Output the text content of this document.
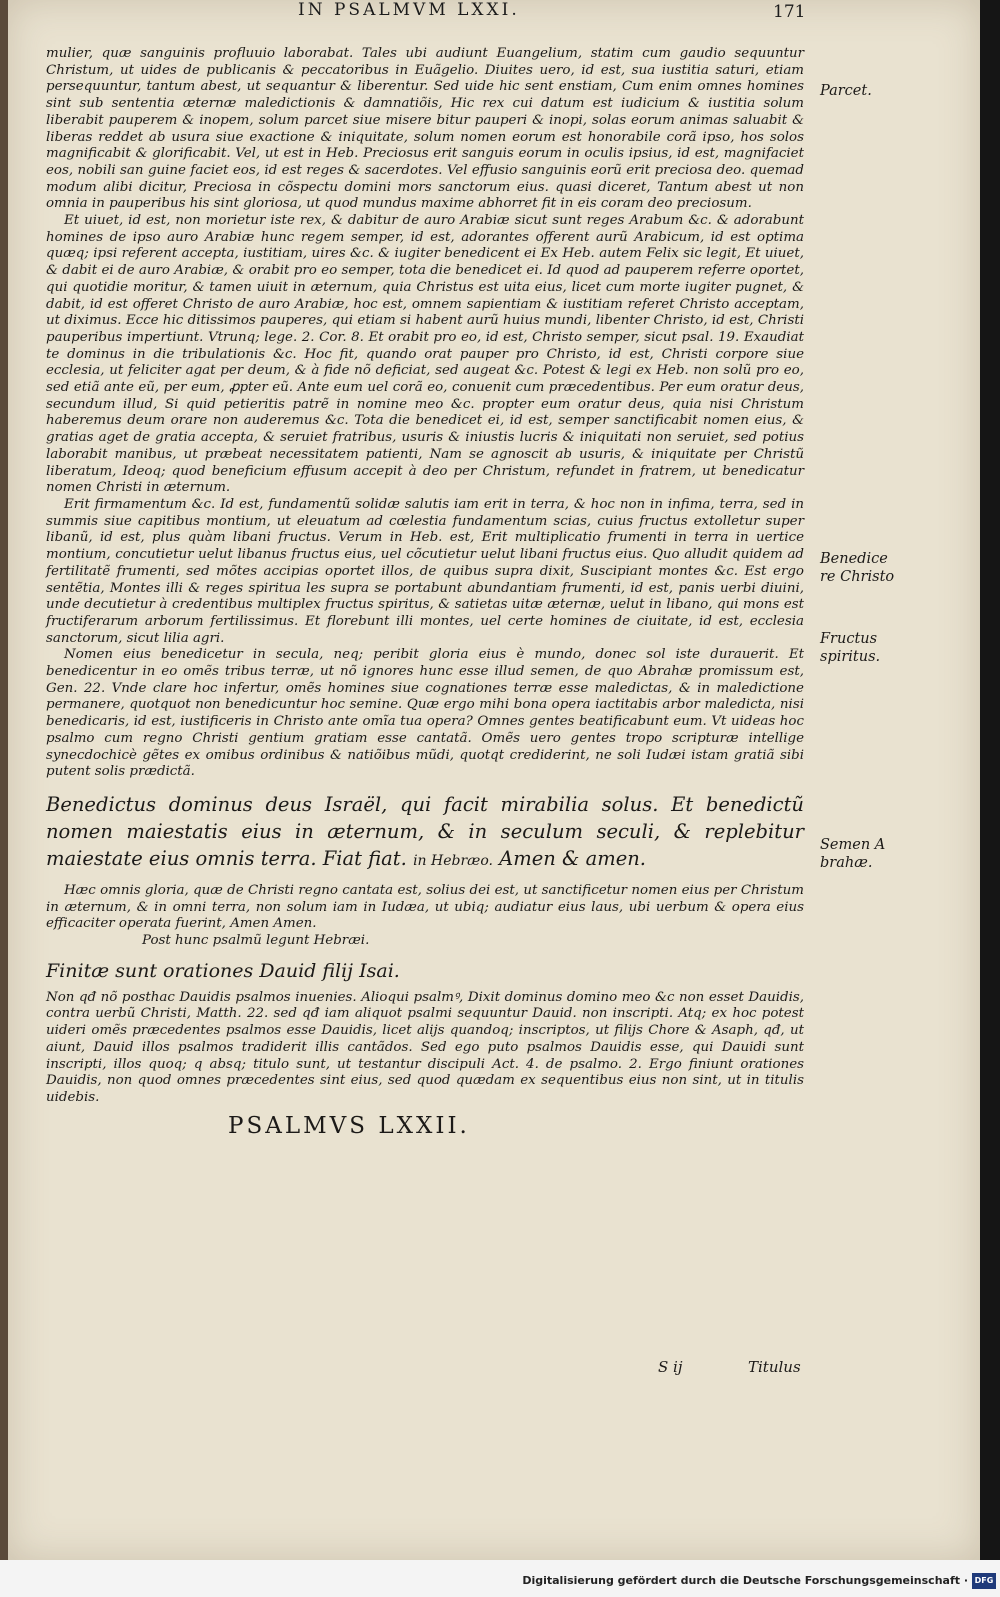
IN PSALMVM LXXI.	171

mulier, quæ sanguinis profluuio laborabat. Tales ubi audiunt Euangelium, statim cum gaudio sequuntur Christum, ut uides de publicanis & peccatoribus in Euãgelio. Diuites uero, id est, sua iustitia saturi, etiam persequuntur, tantum abest, ut sequantur & liberentur. Sed uide hic sent enstiam, Cum enim omnes homines sint sub sententia æternæ maledictionis & damnatiõis, Hic rex cui datum est iudicium & iustitia solum liberabit pauperem & inopem, solum parcet siue misere bitur pauperi & inopi, solas eorum animas saluabit & liberas reddet ab usura siue exactione & iniquitate, solum nomen eorum est honorabile corã ipso, hos solos magnificabit & glorificabit. Vel, ut est in Heb. Preciosus erit sanguis eorum in oculis ipsius, id est, magnifaciet eos, nobili san guine faciet eos, id est reges & sacerdotes. Vel effusio sanguinis eorũ erit preciosa deo. quemad modum alibi dicitur, Preciosa in cõspectu domini mors sanctorum eius. quasi diceret, Tantum abest ut non omnia in pauperibus his sint gloriosa, ut quod mundus maxime abhorret fit in eis coram deo preciosum.

Et uiuet, id est, non morietur iste rex, & dabitur de auro Arabiæ sicut sunt reges Arabum &c. & adorabunt homines de ipso auro Arabiæ hunc regem semper, id est, adorantes offerent aurũ Arabicum, id est optima quæq; ipsi referent accepta, iustitiam, uires &c. & iugiter benedicent ei Ex Heb. autem Felix sic legit, Et uiuet, & dabit ei de auro Arabiæ, & orabit pro eo semper, tota die benedicet ei. Id quod ad pauperem referre oportet, qui quotidie moritur, & tamen uiuit in æternum, quia Christus est uita eius, licet cum morte iugiter pugnet, & dabit, id est offeret Christo de auro Arabiæ, hoc est, omnem sapientiam & iustitiam referet Christo acceptam, ut diximus. Ecce hic ditissimos pauperes, qui etiam si habent aurũ huius mundi, libenter Christo, id est, Christi pauperibus impertiunt. Vtrunq; lege. 2. Cor. 8. Et orabit pro eo, id est, Christo semper, sicut psal. 19. Exaudiat te dominus in die tribulationis &c. Hoc fit, quando orat pauper pro Christo, id est, Christi corpore siue ecclesia, ut feliciter agat per deum, & à fide nõ deficiat, sed augeat &c. Potest & legi ex Heb. non solũ pro eo, sed etiã ante eũ, per eum, ꝓpter eũ. Ante eum uel corã eo, conuenit cum præcedentibus. Per eum oratur deus, secundum illud, Si quid petieritis patrẽ in nomine meo &c. propter eum oratur deus, quia nisi Christum haberemus deum orare non auderemus &c. Tota die benedicet ei, id est, semper sanctificabit nomen eius, & gratias aget de gratia accepta, & seruiet fratribus, usuris & iniustis lucris & iniquitati non seruiet, sed potius laborabit manibus, ut præbeat necessitatem patienti, Nam se agnoscit ab usuris, & iniquitate per Christũ liberatum, Ideoq; quod beneficium effusum accepit à deo per Christum, refundet in fratrem, ut benedicatur nomen Christi in æternum.

Erit firmamentum &c. Id est, fundamentũ solidæ salutis iam erit in terra, & hoc non in infima, terra, sed in summis siue capitibus montium, ut eleuatum ad cœlestia fundamentum scias, cuius fructus extolletur super libanũ, id est, plus quàm libani fructus. Verum in Heb. est, Erit multiplicatio frumenti in terra in uertice montium, concutietur uelut libanus fructus eius, uel cõcutietur uelut libani fructus eius. Quo alludit quidem ad fertilitatẽ frumenti, sed mõtes accipias oportet illos, de quibus supra dixit, Suscipiant montes &c. Est ergo sentẽtia, Montes illi & reges spiritua les supra se portabunt abundantiam frumenti, id est, panis uerbi diuini, unde decutietur à credentibus multiplex fructus spiritus, & satietas uitæ æternæ, uelut in libano, qui mons est fructiferarum arborum fertilissimus. Et florebunt illi montes, uel certe homines de ciuitate, id est, ecclesia sanctorum, sicut lilia agri.

Nomen eius benedicetur in secula, neq; peribit gloria eius è mundo, donec sol iste durauerit. Et benedicentur in eo omẽs tribus terræ, ut nõ ignores hunc esse illud semen, de quo Abrahæ promissum est, Gen. 22. Vnde clare hoc infertur, omẽs homines siue cognationes terræ esse maledictas, & in maledictione permanere, quotquot non benedicuntur hoc semine. Quæ ergo mihi bona opera iactitabis arbor maledicta, nisi benedicaris, id est, iustificeris in Christo ante omĩa tua opera? Omnes gentes beatificabunt eum. Vt uideas hoc psalmo cum regno Christi gentium gratiam esse cantatã. Omẽs uero gentes tropo scripturæ intellige synecdochicè gẽtes ex omibus ordinibus & natiõibus mũdi, quotqt crediderint, ne soli Iudæi istam gratiã sibi putent solis prædictã.

Benedictus dominus deus Israël, qui facit mirabilia solus. Et benedictũ nomen maiestatis eius in æternum, & in seculum seculi, & replebitur maiestate eius omnis terra. Fiat fiat. in Hebræo. Amen & amen.

Hæc omnis gloria, quæ de Christi regno cantata est, solius dei est, ut sanctificetur nomen eius per Christum in æternum, & in omni terra, non solum iam in Iudæa, ut ubiq; audiatur eius laus, ubi uerbum & opera eius efficaciter operata fuerint, Amen Amen.

Post hunc psalmũ legunt Hebræi.

Finitæ sunt orationes Dauid filij Isai.

Non qđ nõ posthac Dauidis psalmos inuenies. Alioqui psalmꝰ, Dixit dominus domino meo &c non esset Dauidis, contra uerbũ Christi, Matth. 22. sed qđ iam aliquot psalmi sequuntur Dauid. non inscripti. Atq; ex hoc potest uideri omẽs præcedentes psalmos esse Dauidis, licet alijs quandoq; inscriptos, ut filijs Chore & Asaph, qđ, ut aiunt, Dauid illos psalmos tradiderit illis cantãdos. Sed ego puto psalmos Dauidis esse, qui Dauidi sunt inscripti, illos quoq; q absq; titulo sunt, ut testantur discipuli Act. 4. de psalmo. 2. Ergo finiunt orationes Dauidis, non quod omnes præcedentes sint eius, sed quod quædam ex sequentibus eius non sint, ut in titulis uidebis.

PSALMVS LXXII.
S ij	Titulus
Parcet.
Benedice
re Christo
Fructus
spiritus.
Semen A
brahæ.
Digitalisierung gefördert durch die Deutsche Forschungsgemeinschaft · DFG
